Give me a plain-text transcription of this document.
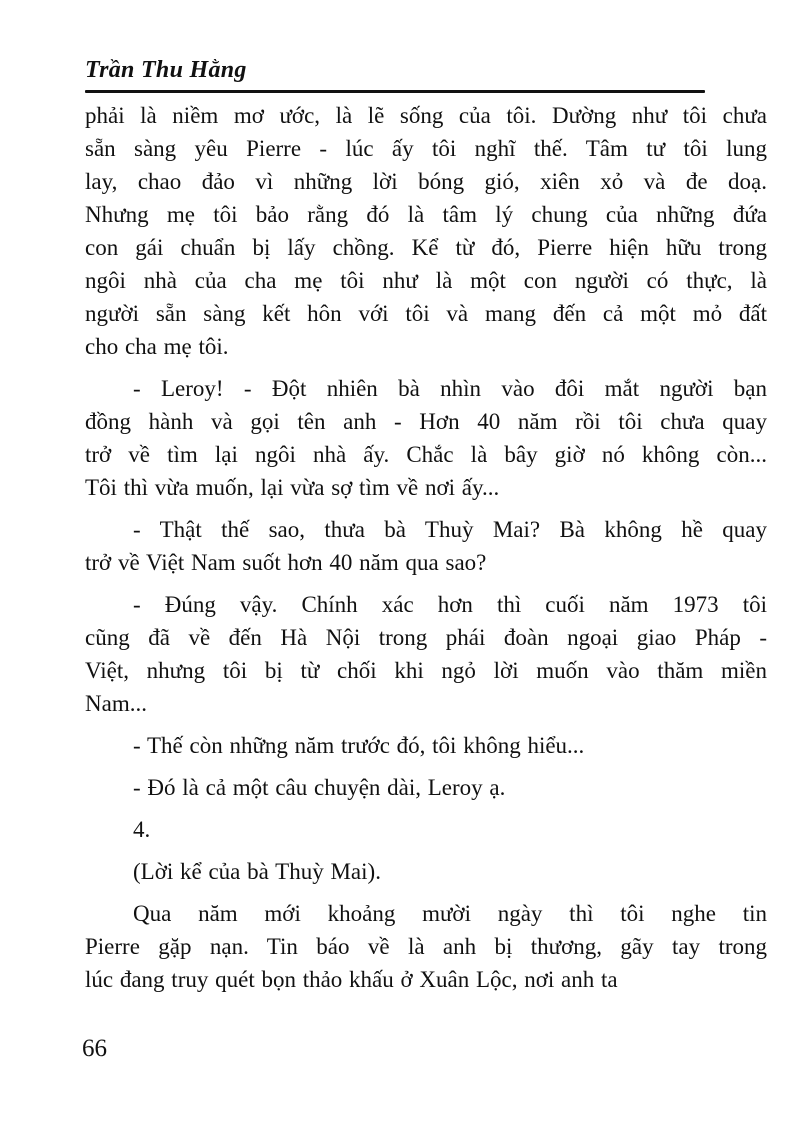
Trần Thu Hằng
phải là niềm mơ ước, là lẽ sống của tôi. Dường như tôi chưa
sẵn sàng yêu Pierre - lúc ấy tôi nghĩ thế. Tâm tư tôi lung
lay, chao đảo vì những lời bóng gió, xiên xỏ và đe doạ.
Nhưng mẹ tôi bảo rằng đó là tâm lý chung của những đứa
con gái chuẩn bị lấy chồng. Kể từ đó, Pierre hiện hữu trong
ngôi nhà của cha mẹ tôi như là một con người có thực, là
người sẵn sàng kết hôn với tôi và mang đến cả một mỏ đất
cho cha mẹ tôi.
- Leroy! - Đột nhiên bà nhìn vào đôi mắt người bạn
đồng hành và gọi tên anh - Hơn 40 năm rồi tôi chưa quay
trở về tìm lại ngôi nhà ấy. Chắc là bây giờ nó không còn...
Tôi thì vừa muốn, lại vừa sợ tìm về nơi ấy...
- Thật thế sao, thưa bà Thuỳ Mai? Bà không hề quay
trở về Việt Nam suốt hơn 40 năm qua sao?
- Đúng vậy. Chính xác hơn thì cuối năm 1973 tôi
cũng đã về đến Hà Nội trong phái đoàn ngoại giao Pháp -
Việt, nhưng tôi bị từ chối khi ngỏ lời muốn vào thăm miền
Nam...
- Thế còn những năm trước đó, tôi không hiểu...
- Đó là cả một câu chuyện dài, Leroy ạ.
4.
(Lời kể của bà Thuỳ Mai).
Qua năm mới khoảng mười ngày thì tôi nghe tin
Pierre gặp nạn. Tin báo về là anh bị thương, gãy tay trong
lúc đang truy quét bọn thảo khấu ở Xuân Lộc, nơi anh ta
66
